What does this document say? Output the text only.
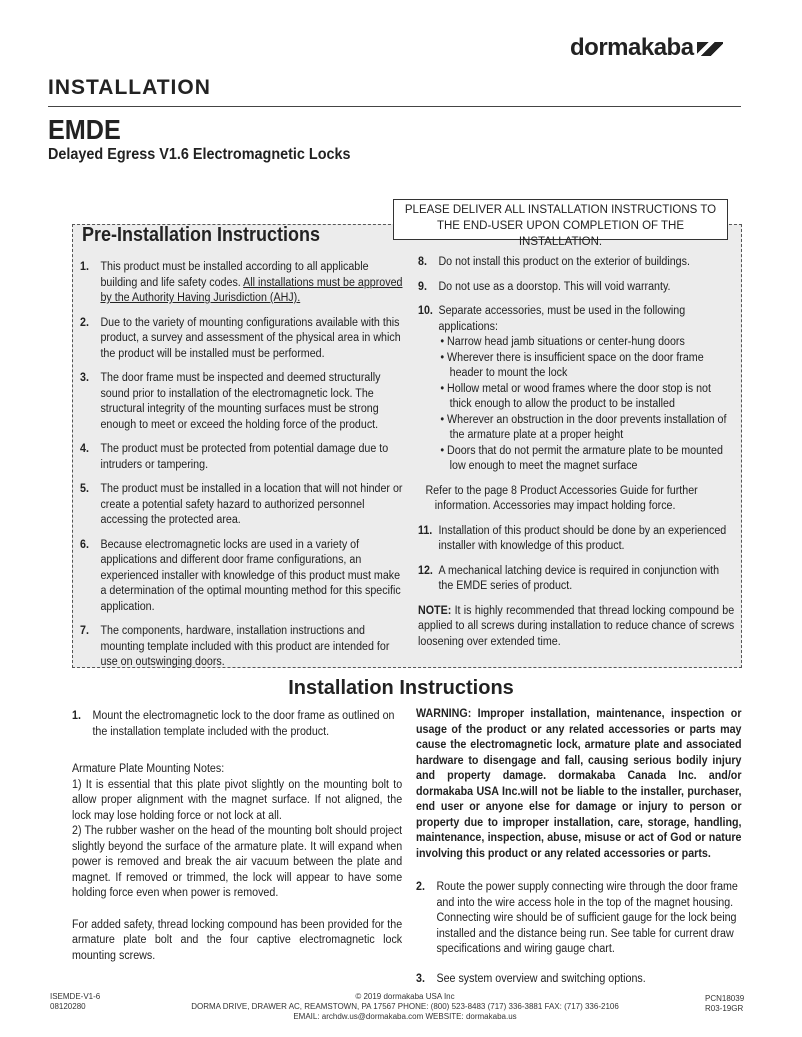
dormakaba
INSTALLATION
EMDE
Delayed Egress V1.6 Electromagnetic Locks
PLEASE DELIVER ALL INSTALLATION INSTRUCTIONS TO THE END-USER UPON COMPLETION OF THE INSTALLATION.
Pre-Installation Instructions
1. This product must be installed according to all applicable building and life safety codes. All installations must be approved by the Authority Having Jurisdiction (AHJ).
2. Due to the variety of mounting configurations available with this product, a survey and assessment of the physical area in which the product will be installed must be performed.
3. The door frame must be inspected and deemed structurally sound prior to installation of the electromagnetic lock. The structural integrity of the mounting surfaces must be strong enough to meet or exceed the holding force of the product.
4. The product must be protected from potential damage due to intruders or tampering.
5. The product must be installed in a location that will not hinder or create a potential safety hazard to authorized personnel accessing the protected area.
6. Because electromagnetic locks are used in a variety of applications and different door frame configurations, an experienced installer with knowledge of this product must make a determination of the optimal mounting method for this specific application.
7. The components, hardware, installation instructions and mounting template included with this product are intended for use on outswinging doors.
8. Do not install this product on the exterior of buildings.
9. Do not use as a doorstop. This will void warranty.
10. Separate accessories, must be used in the following applications:
• Narrow head jamb situations or center-hung doors
• Wherever there is insufficient space on the door frame header to mount the lock
• Hollow metal or wood frames where the door stop is not thick enough to allow the product to be installed
• Wherever an obstruction in the door prevents installation of the armature plate at a proper height
• Doors that do not permit the armature plate to be mounted low enough to meet the magnet surface
Refer to the page 8 Product Accessories Guide for further information. Accessories may impact holding force.
11. Installation of this product should be done by an experienced installer with knowledge of this product.
12. A mechanical latching device is required in conjunction with the EMDE series of product.
NOTE: It is highly recommended that thread locking compound be applied to all screws during installation to reduce chance of screws loosening over extended time.
Installation Instructions
1. Mount the electromagnetic lock to the door frame as outlined on the installation template included with the product.
Armature Plate Mounting Notes:
1) It is essential that this plate pivot slightly on the mounting bolt to allow proper alignment with the magnet surface. If not aligned, the lock may lose holding force or not lock at all.
2) The rubber washer on the head of the mounting bolt should project slightly beyond the surface of the armature plate. It will expand when power is removed and break the air vacuum between the plate and magnet. If removed or trimmed, the lock will appear to have some holding force even when power is removed.
For added safety, thread locking compound has been provided for the armature plate bolt and the four captive electromagnetic lock mounting screws.
WARNING: Improper installation, maintenance, inspection or usage of the product or any related accessories or parts may cause the electromagnetic lock, armature plate and associated hardware to disengage and fall, causing serious bodily injury and property damage. dormakaba Canada Inc. and/or dormakaba USA Inc.will not be liable to the installer, purchaser, end user or anyone else for damage or injury to person or property due to improper installation, care, storage, handling, maintenance, inspection, abuse, misuse or act of God or nature involving this product or any related accessories or parts.
2. Route the power supply connecting wire through the door frame and into the wire access hole in the top of the magnet housing. Connecting wire should be of sufficient gauge for the lock being installed and the distance being run. See table for current draw specifications and wiring gauge chart.
3. See system overview and switching options.
ISEMDE-V1-6
08120280
© 2019 dormakaba USA Inc
DORMA DRIVE, DRAWER AC, REAMSTOWN, PA 17567 PHONE: (800) 523-8483 (717) 336-3881 FAX: (717) 336-2106
EMAIL: archdw.us@dormakaba.com WEBSITE: dormakaba.us
PCN18039
R03-19GR
